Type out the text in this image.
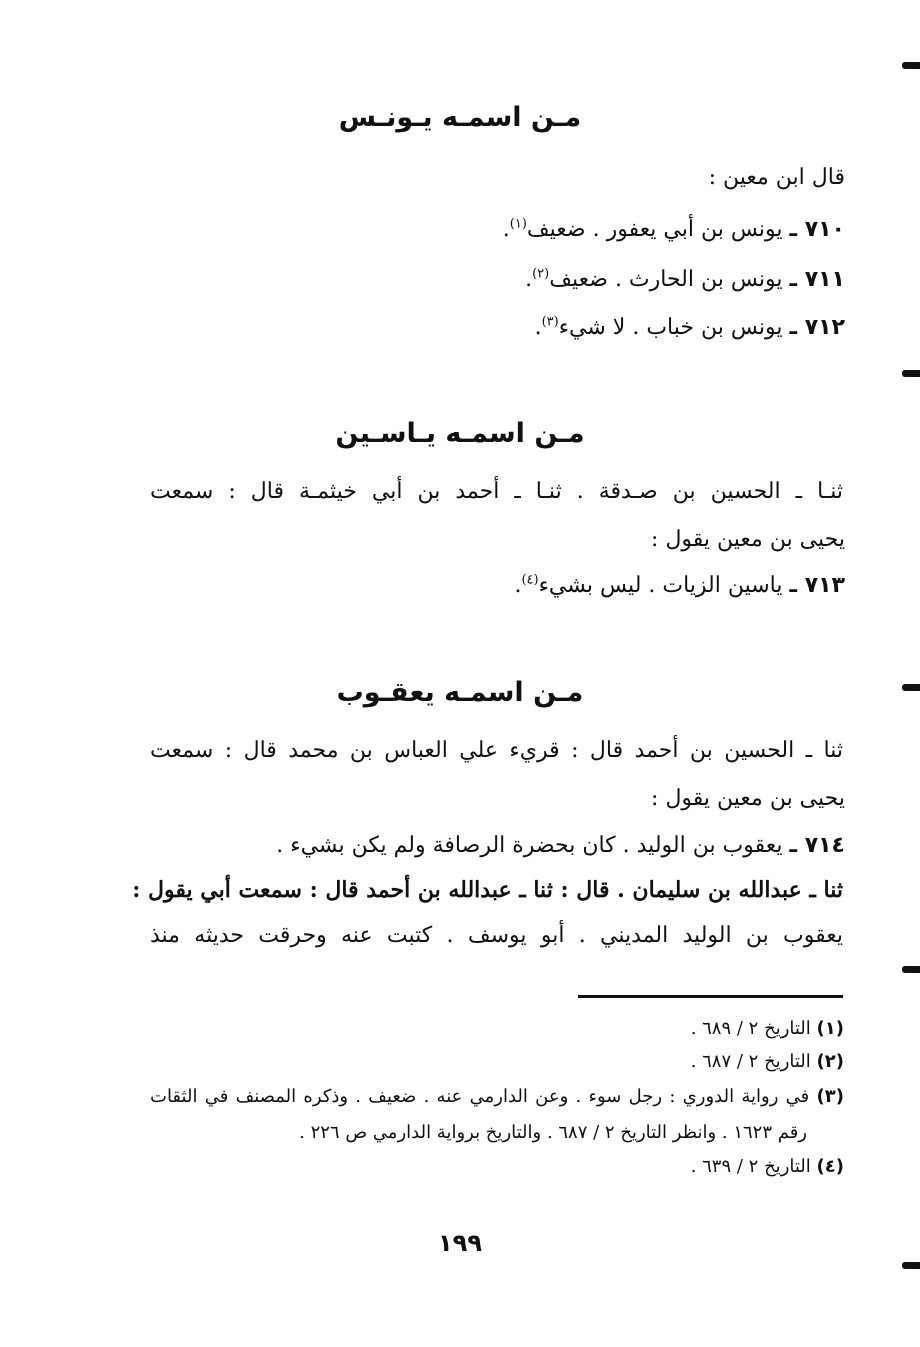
مـن اسمـه يـونـس
قال ابن معين :
٧١٠ ـ يونس بن أبي يعفور . ضعيف$^{(١)}$.
٧١١ ـ يونس بن الحارث . ضعيف$^{(٢)}$.
٧١٢ ـ يونس بن خباب . لا شيء$^{(٣)}$.
مـن اسمـه يـاسـين
ثنـا ـ الحسين بن صـدقة . ثنـا ـ أحمد بن أبي خيثمـة قال : سمعت
يحيى بن معين يقول :
٧١٣ ـ ياسين الزيات . ليس بشيء$^{(٤)}$.
مـن اسمـه يعقـوب
ثنا ـ الحسين بن أحمد قال : قريء علي العباس بن محمد قال : سمعت
يحيى بن معين يقول :
٧١٤ ـ يعقوب بن الوليد . كان بحضرة الرصافة ولم يكن بشيء .
ثنا ـ عبدالله بن سليمان . قال : ثنا ـ عبدالله بن أحمد قال : سمعت أبي يقول :
يعقوب بن الوليد المديني . أبو يوسف . كتبت عنه وحرقت حديثه منذ
(١) التاريخ ٢ / ٦٨٩ .
(٢) التاريخ ٢ / ٦٨٧ .
(٣) في رواية الدوري : رجل سوء . وعن الدارمي عنه . ضعيف . وذكره المصنف في الثقات
رقم ١٦٢٣ . وانظر التاريخ ٢ / ٦٨٧ . والتاريخ برواية الدارمي ص ٢٢٦ .
(٤) التاريخ ٢ / ٦٣٩ .
١٩٩
